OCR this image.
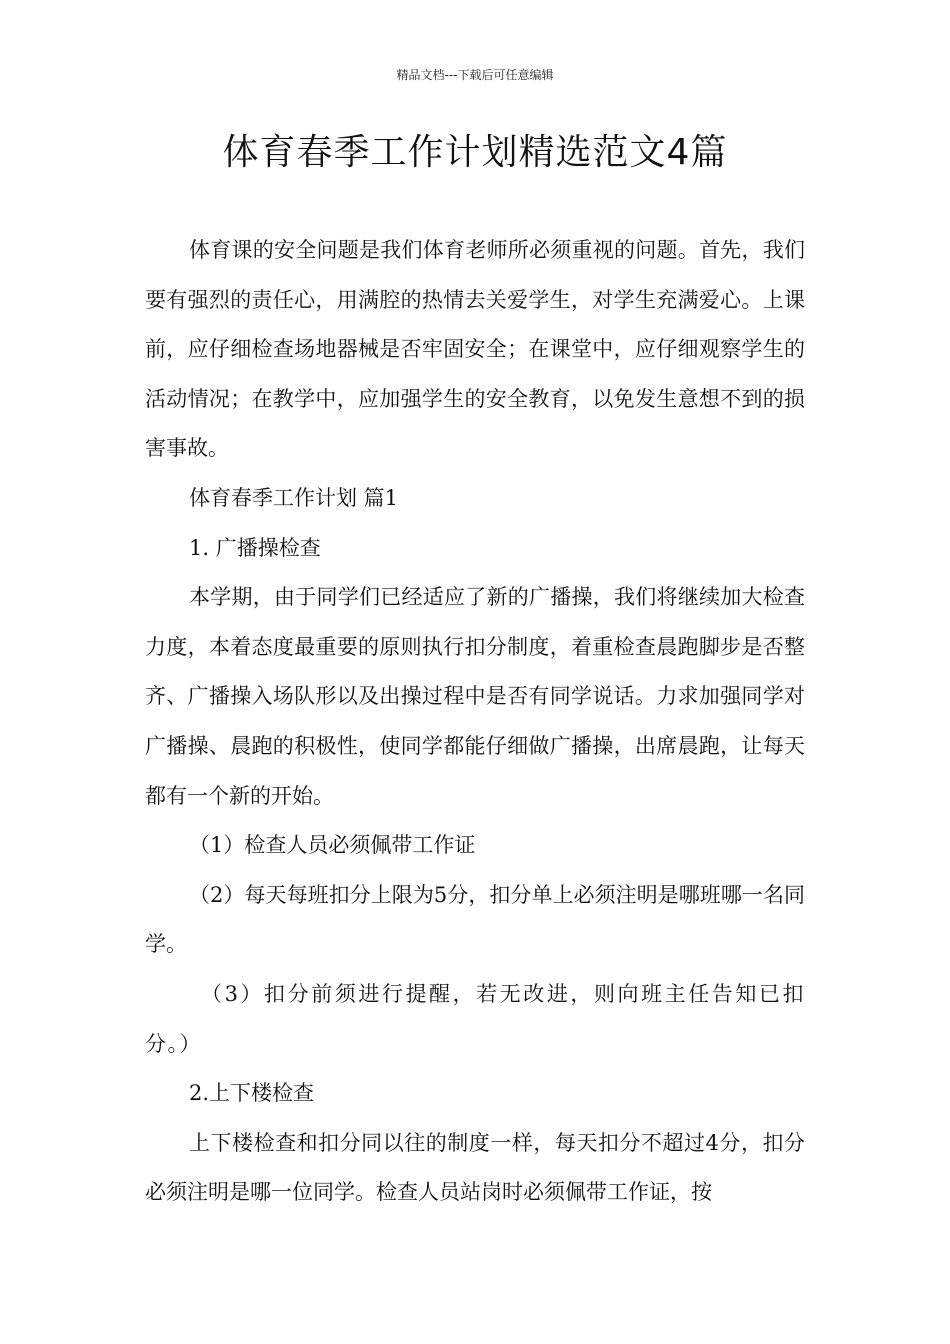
精品文档---下载后可任意编辑
体育春季工作计划精选范文4篇

体育课的安全问题是我们体育老师所必须重视的问题。首先，我们要有强烈的责任心，用满腔的热情去关爱学生，对学生充满爱心。上课前，应仔细检查场地器械是否牢固安全；在课堂中，应仔细观察学生的活动情况；在教学中，应加强学生的安全教育，以免发生意想不到的损害事故。

体育春季工作计划 篇1

1. 广播操检查

本学期，由于同学们已经适应了新的广播操，我们将继续加大检查力度，本着态度最重要的原则执行扣分制度，着重检查晨跑脚步是否整齐、广播操入场队形以及出操过程中是否有同学说话。力求加强同学对广播操、晨跑的积极性，使同学都能仔细做广播操，出席晨跑，让每天都有一个新的开始。

（1）检查人员必须佩带工作证

（2）每天每班扣分上限为5分，扣分单上必须注明是哪班哪一名同学。

（3）扣分前须进行提醒，若无改进，则向班主任告知已扣分。）

2.上下楼检查

上下楼检查和扣分同以往的制度一样，每天扣分不超过4分，扣分必须注明是哪一位同学。检查人员站岗时必须佩带工作证，按
